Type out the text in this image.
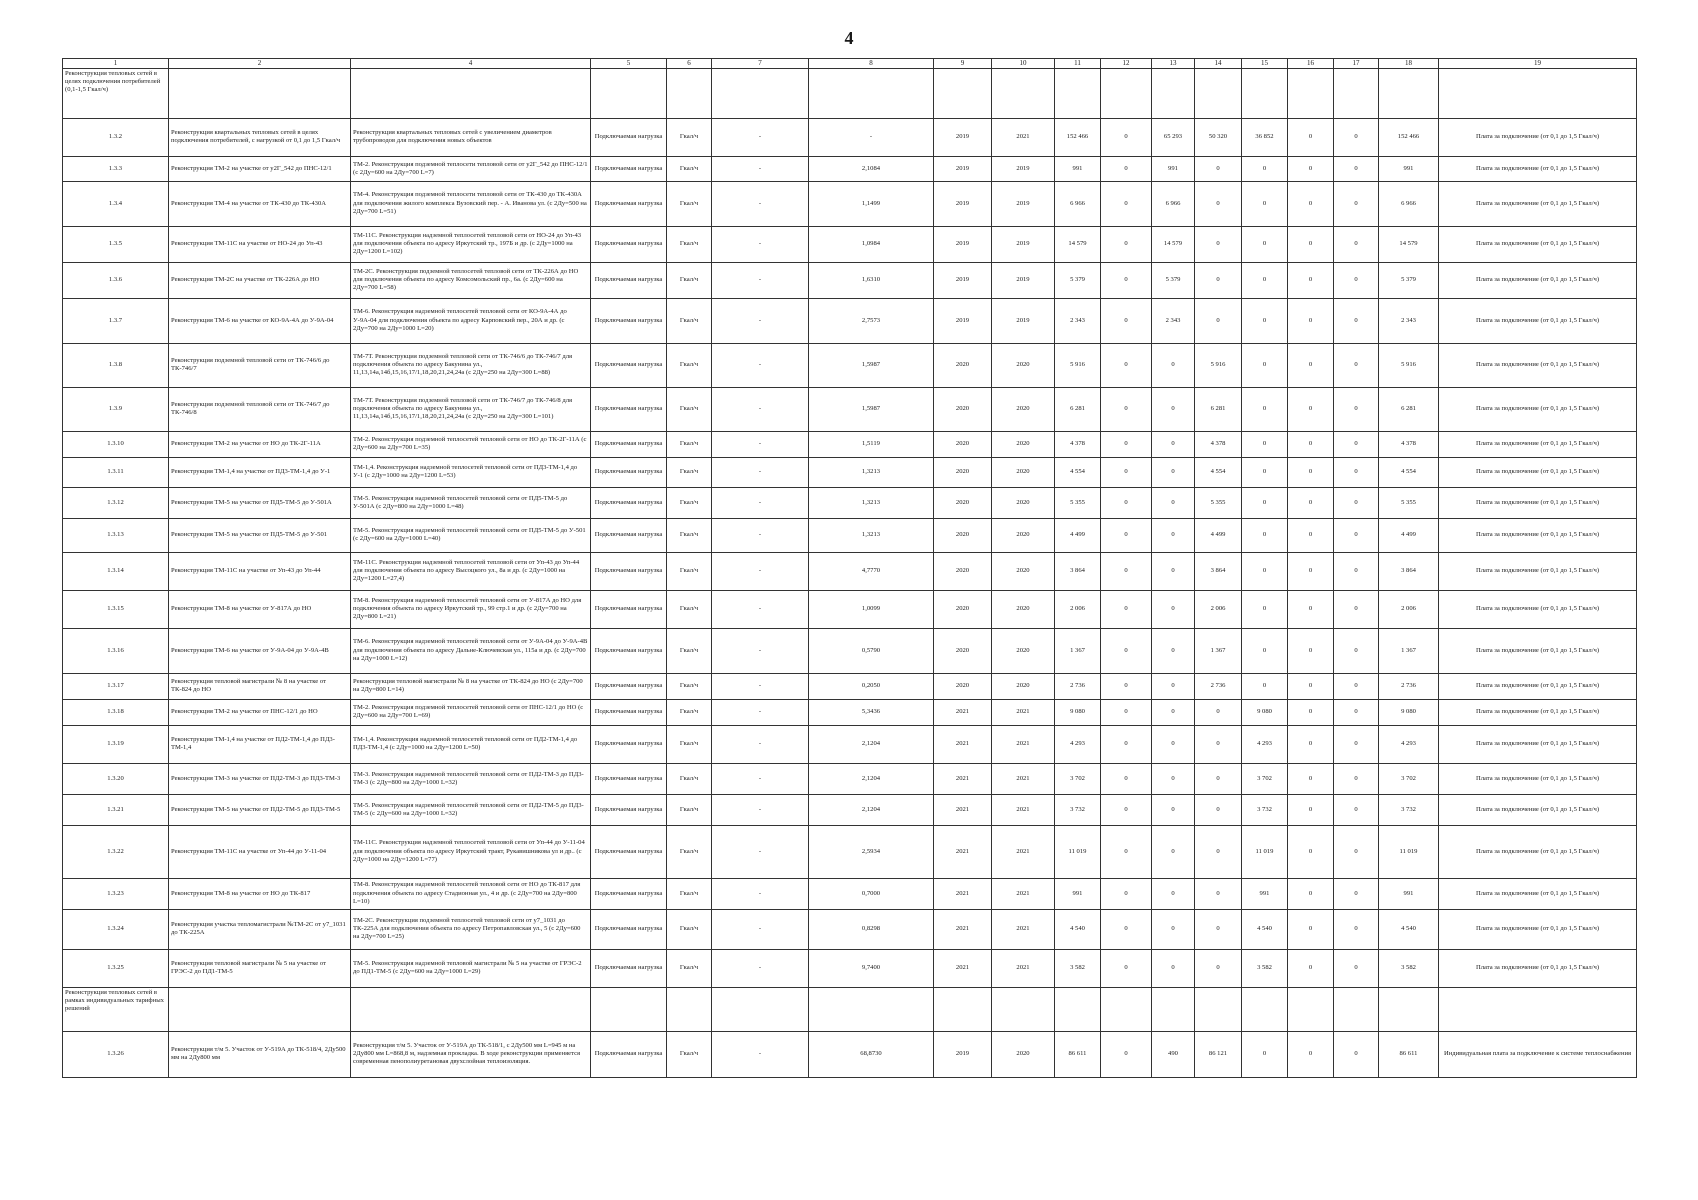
4
1	2	4	5	6	7	8	9	10	11	12	13	14	15	16	17	18	19
Реконструкция тепловых сетей в целях подключения потребителей (0,1-1,5 Гкал/ч)																	
1.3.2	Реконструкция квартальных тепловых сетей в целях подключения потребителей, с нагрузкой от 0,1 до 1,5 Гкал/ч	Реконструкция квартальных тепловых сетей с увеличением диаметров трубопроводов для подключения новых объектов	Подключаемая нагрузка	Гкал/ч	-	-	2019	2021	152 466	0	65 293	50 320	36 852	0	0	152 466	Плата за подключение (от 0,1 до 1,5 Гкал/ч)
1.3.3	Реконструкция ТМ-2 на участке от у2Г_542 до ПНС-12/1	ТМ-2. Реконструкция подземной теплосети тепловой сети от у2Г_542 до ПНС-12/1 (с 2Ду=600 на 2Ду=700 L=7)	Подключаемая нагрузка	Гкал/ч	-	2,1084	2019	2019	991	0	991	0	0	0	0	991	Плата за подключение (от 0,1 до 1,5 Гкал/ч)
1.3.4	Реконструкция ТМ-4 на участке от ТК-430 до ТК-430А	ТМ-4. Реконструкция подземной теплосети тепловой сети от ТК-430 до ТК-430А для подключения жилого комплекса Вузовский пер. - А. Иванова ул. (с 2Ду=500 на 2Ду=700 L=51)	Подключаемая нагрузка	Гкал/ч	-	1,1499	2019	2019	6 966	0	6 966	0	0	0	0	6 966	Плата за подключение (от 0,1 до 1,5 Гкал/ч)
1.3.5	Реконструкция ТМ-11С на участке от НО-24 до Уп-43	ТМ-11С. Реконструкция надземной теплосетей тепловой сети от НО-24 до Уп-43 для подключения объекта по адресу Иркутский тр., 197Б и др. (с 2Ду=1000 на 2Ду=1200 L=102)	Подключаемая нагрузка	Гкал/ч	-	1,0984	2019	2019	14 579	0	14 579	0	0	0	0	14 579	Плата за подключение (от 0,1 до 1,5 Гкал/ч)
1.3.6	Реконструкция ТМ-2С на участке от ТК-226А до НО	ТМ-2С. Реконструкция подземной теплосетей тепловой сети от ТК-226А до НО для подключения объекта по адресу Комсомольский пр., 6а. (с 2Ду=600 на 2Ду=700 L=58)	Подключаемая нагрузка	Гкал/ч	-	1,6310	2019	2019	5 379	0	5 379	0	0	0	0	5 379	Плата за подключение (от 0,1 до 1,5 Гкал/ч)
1.3.7	Реконструкция ТМ-6 на участке от КО-9А-4А до У-9А-04	ТМ-6. Реконструкция надземной теплосетей тепловой сети от КО-9А-4А до У-9А-04 для подключения объекта по адресу Карповский пер., 20А и др. (с 2Ду=700 на 2Ду=1000 L=20)	Подключаемая нагрузка	Гкал/ч	-	2,7573	2019	2019	2 343	0	2 343	0	0	0	0	2 343	Плата за подключение (от 0,1 до 1,5 Гкал/ч)
1.3.8	Реконструкция подземной тепловой сети от ТК-746/6 до ТК-746/7	ТМ-7Т. Реконструкция подземной тепловой сети от ТК-746/6 до ТК-746/7 для подключения объекта по адресу Бакунина ул., 11,13,14а,14б,15,16,17/1,18,20,21,24,24а (с 2Ду=250 на 2Ду=300 L=88)	Подключаемая нагрузка	Гкал/ч	-	1,5987	2020	2020	5 916	0	0	5 916	0	0	0	5 916	Плата за подключение (от 0,1 до 1,5 Гкал/ч)
1.3.9	Реконструкция подземной тепловой сети от ТК-746/7 до ТК-746/8	ТМ-7Т. Реконструкция подземной тепловой сети от ТК-746/7 до ТК-746/8 для подключения объекта по адресу Бакунина ул., 11,13,14а,14б,15,16,17/1,18,20,21,24,24а (с 2Ду=250 на 2Ду=300 L=101)	Подключаемая нагрузка	Гкал/ч	-	1,5987	2020	2020	6 281	0	0	6 281	0	0	0	6 281	Плата за подключение (от 0,1 до 1,5 Гкал/ч)
1.3.10	Реконструкция ТМ-2 на участке от НО до ТК-2Г-11А	ТМ-2. Реконструкция подземной теплосетей тепловой сети от НО до ТК-2Г-11А (с 2Ду=600 на 2Ду=700 L=35)	Подключаемая нагрузка	Гкал/ч	-	1,5119	2020	2020	4 378	0	0	4 378	0	0	0	4 378	Плата за подключение (от 0,1 до 1,5 Гкал/ч)
1.3.11	Реконструкция ТМ-1,4 на участке от ПД3-ТМ-1,4 до У-1	ТМ-1,4. Реконструкция надземной теплосетей тепловой сети от ПД3-ТМ-1,4 до У-1 (с 2Ду=1000 на 2Ду=1200 L=53)	Подключаемая нагрузка	Гкал/ч	-	1,3213	2020	2020	4 554	0	0	4 554	0	0	0	4 554	Плата за подключение (от 0,1 до 1,5 Гкал/ч)
1.3.12	Реконструкция ТМ-5 на участке от ПД5-ТМ-5 до У-501А	ТМ-5. Реконструкция надземной теплосетей тепловой сети от ПД5-ТМ-5 до У-501А (с 2Ду=800 на 2Ду=1000 L=48)	Подключаемая нагрузка	Гкал/ч	-	1,3213	2020	2020	5 355	0	0	5 355	0	0	0	5 355	Плата за подключение (от 0,1 до 1,5 Гкал/ч)
1.3.13	Реконструкция ТМ-5 на участке от ПД5-ТМ-5 до У-501	ТМ-5. Реконструкция надземной теплосетей тепловой сети от ПД5-ТМ-5 до У-501 (с 2Ду=600 на 2Ду=1000 L=40)	Подключаемая нагрузка	Гкал/ч	-	1,3213	2020	2020	4 499	0	0	4 499	0	0	0	4 499	Плата за подключение (от 0,1 до 1,5 Гкал/ч)
1.3.14	Реконструкция ТМ-11С на участке от Уп-43 до Уп-44	ТМ-11С. Реконструкция надземной теплосетей тепловой сети от Уп-43 до Уп-44 для подключения объекта по адресу Высоцкого ул., 8а и др. (с 2Ду=1000 на 2Ду=1200 L=27,4)	Подключаемая нагрузка	Гкал/ч	-	4,7770	2020	2020	3 864	0	0	3 864	0	0	0	3 864	Плата за подключение (от 0,1 до 1,5 Гкал/ч)
1.3.15	Реконструкция ТМ-8 на участке от У-817А до НО	ТМ-8. Реконструкция надземной теплосетей тепловой сети от У-817А до НО для подключения объекта по адресу Иркутский тр., 99 стр.1 и др. (с 2Ду=700 на 2Ду=800 L=21)	Подключаемая нагрузка	Гкал/ч	-	1,0099	2020	2020	2 006	0	0	2 006	0	0	0	2 006	Плата за подключение (от 0,1 до 1,5 Гкал/ч)
1.3.16	Реконструкция ТМ-6 на участке от У-9А-04 до У-9А-4В	ТМ-6. Реконструкция надземной теплосетей тепловой сети от У-9А-04 до У-9А-4В для подключения объекта по адресу Дальне-Ключевская ул., 115а и др. (с 2Ду=700 на 2Ду=1000 L=12)	Подключаемая нагрузка	Гкал/ч	-	0,5790	2020	2020	1 367	0	0	1 367	0	0	0	1 367	Плата за подключение (от 0,1 до 1,5 Гкал/ч)
1.3.17	Реконструкция тепловой магистрали № 8 на участке от ТК-824 до НО	Реконструкция тепловой магистрали № 8 на участке от ТК-824 до НО (с 2Ду=700 на 2Ду=800 L=14)	Подключаемая нагрузка	Гкал/ч	-	0,2050	2020	2020	2 736	0	0	2 736	0	0	0	2 736	Плата за подключение (от 0,1 до 1,5 Гкал/ч)
1.3.18	Реконструкция ТМ-2 на участке от ПНС-12/1 до НО	ТМ-2. Реконструкция подземной теплосетей тепловой сети от ПНС-12/1 до НО (с 2Ду=600 на 2Ду=700 L=69)	Подключаемая нагрузка	Гкал/ч	-	5,3436	2021	2021	9 080	0	0	0	9 080	0	0	9 080	Плата за подключение (от 0,1 до 1,5 Гкал/ч)
1.3.19	Реконструкция ТМ-1,4 на участке от ПД2-ТМ-1,4 до ПД3-ТМ-1,4	ТМ-1,4. Реконструкция надземной теплосетей тепловой сети от ПД2-ТМ-1,4 до ПД3-ТМ-1,4 (с 2Ду=1000 на 2Ду=1200 L=50)	Подключаемая нагрузка	Гкал/ч	-	2,1204	2021	2021	4 293	0	0	0	4 293	0	0	4 293	Плата за подключение (от 0,1 до 1,5 Гкал/ч)
1.3.20	Реконструкция ТМ-3 на участке от ПД2-ТМ-3 до ПД3-ТМ-3	ТМ-3. Реконструкция надземной теплосетей тепловой сети от ПД2-ТМ-3 до ПД3-ТМ-3 (с 2Ду=800 на 2Ду=1000 L=32)	Подключаемая нагрузка	Гкал/ч	-	2,1204	2021	2021	3 702	0	0	0	3 702	0	0	3 702	Плата за подключение (от 0,1 до 1,5 Гкал/ч)
1.3.21	Реконструкция ТМ-5 на участке от ПД2-ТМ-5 до ПД3-ТМ-5	ТМ-5. Реконструкция надземной теплосетей тепловой сети от ПД2-ТМ-5 до ПД3-ТМ-5 (с 2Ду=600 на 2Ду=1000 L=32)	Подключаемая нагрузка	Гкал/ч	-	2,1204	2021	2021	3 732	0	0	0	3 732	0	0	3 732	Плата за подключение (от 0,1 до 1,5 Гкал/ч)
1.3.22	Реконструкция ТМ-11С на участке от Уп-44 до У-11-04	ТМ-11С. Реконструкция надземной теплосетей тепловой сети от Уп-44 до У-11-04 для подключения объекта по адресу Иркутский тракт, Рукавишникова ул и др.. (с 2Ду=1000 на 2Ду=1200 L=77)	Подключаемая нагрузка	Гкал/ч	-	2,5934	2021	2021	11 019	0	0	0	11 019	0	0	11 019	Плата за подключение (от 0,1 до 1,5 Гкал/ч)
1.3.23	Реконструкция ТМ-8 на участке от НО до ТК-817	ТМ-8. Реконструкция надземной теплосетей тепловой сети от НО до ТК-817 для подключения объекта по адресу Стадионная ул., 4 и др. (с 2Ду=700 на 2Ду=800 L=10)	Подключаемая нагрузка	Гкал/ч	-	0,7000	2021	2021	991	0	0	0	991	0	0	991	Плата за подключение (от 0,1 до 1,5 Гкал/ч)
1.3.24	Реконструкция участка тепломагистрали №ТМ-2С от у7_1031 до ТК-225А	ТМ-2С. Реконструкция подземной теплосетей тепловой сети от у7_1031 до ТК-225А для подключения объекта по адресу Петропавловская ул., 5 (с 2Ду=600 на 2Ду=700 L=25)	Подключаемая нагрузка	Гкал/ч	-	0,8298	2021	2021	4 540	0	0	0	4 540	0	0	4 540	Плата за подключение (от 0,1 до 1,5 Гкал/ч)
1.3.25	Реконструкция тепловой магистрали № 5 на участке от ГРЭС-2 до ПД1-ТМ-5	ТМ-5. Реконструкция надземной тепловой магистрали № 5 на участке от ГРЭС-2 до ПД1-ТМ-5 (с 2Ду=600 на 2Ду=1000 L=29)	Подключаемая нагрузка	Гкал/ч	-	9,7400	2021	2021	3 582	0	0	0	3 582	0	0	3 582	Плата за подключение (от 0,1 до 1,5 Гкал/ч)
Реконструкция тепловых сетей в рамках индивидуальных тарифных решений																	
1.3.26	Реконструкция т/м 5. Участок от У-519А до ТК-518/4, 2Ду500 мм на 2Ду800 мм	Реконструкция т/м 5. Участок от У-519А до ТК-518/1, с 2Ду500 мм L=945 м на 2Ду800 мм L=868,8 м, надземная прокладка. В ходе реконструкции применяется современная пенополиуретановая двухслойная теплоизоляция.	Подключаемая нагрузка	Гкал/ч	-	68,8730	2019	2020	86 611	0	490	86 121	0	0	0	86 611	Индивидуальная плата за подключение к системе теплоснабжения
